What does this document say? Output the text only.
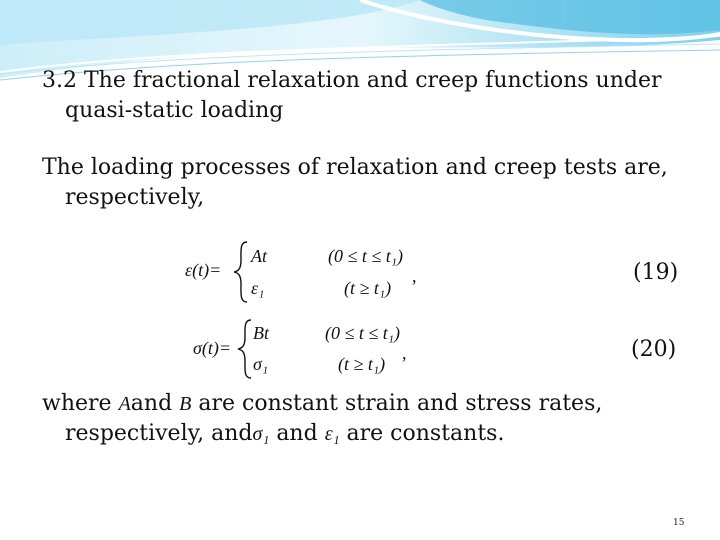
3.2 The fractional relaxation and creep functions under
quasi-static loading
The loading processes of relaxation and creep tests are,
respectively,
ε(t)=
At	(0 ≤ t ≤ t₁)
ε₁	(t ≥ t₁)
,	(19)
σ(t)=
Bt	(0 ≤ t ≤ t₁)
σ₁	(t ≥ t₁)
,	(20)
where Aand B are constant strain and stress rates,
respectively, andσ₁ and ε₁ are constants.
15
